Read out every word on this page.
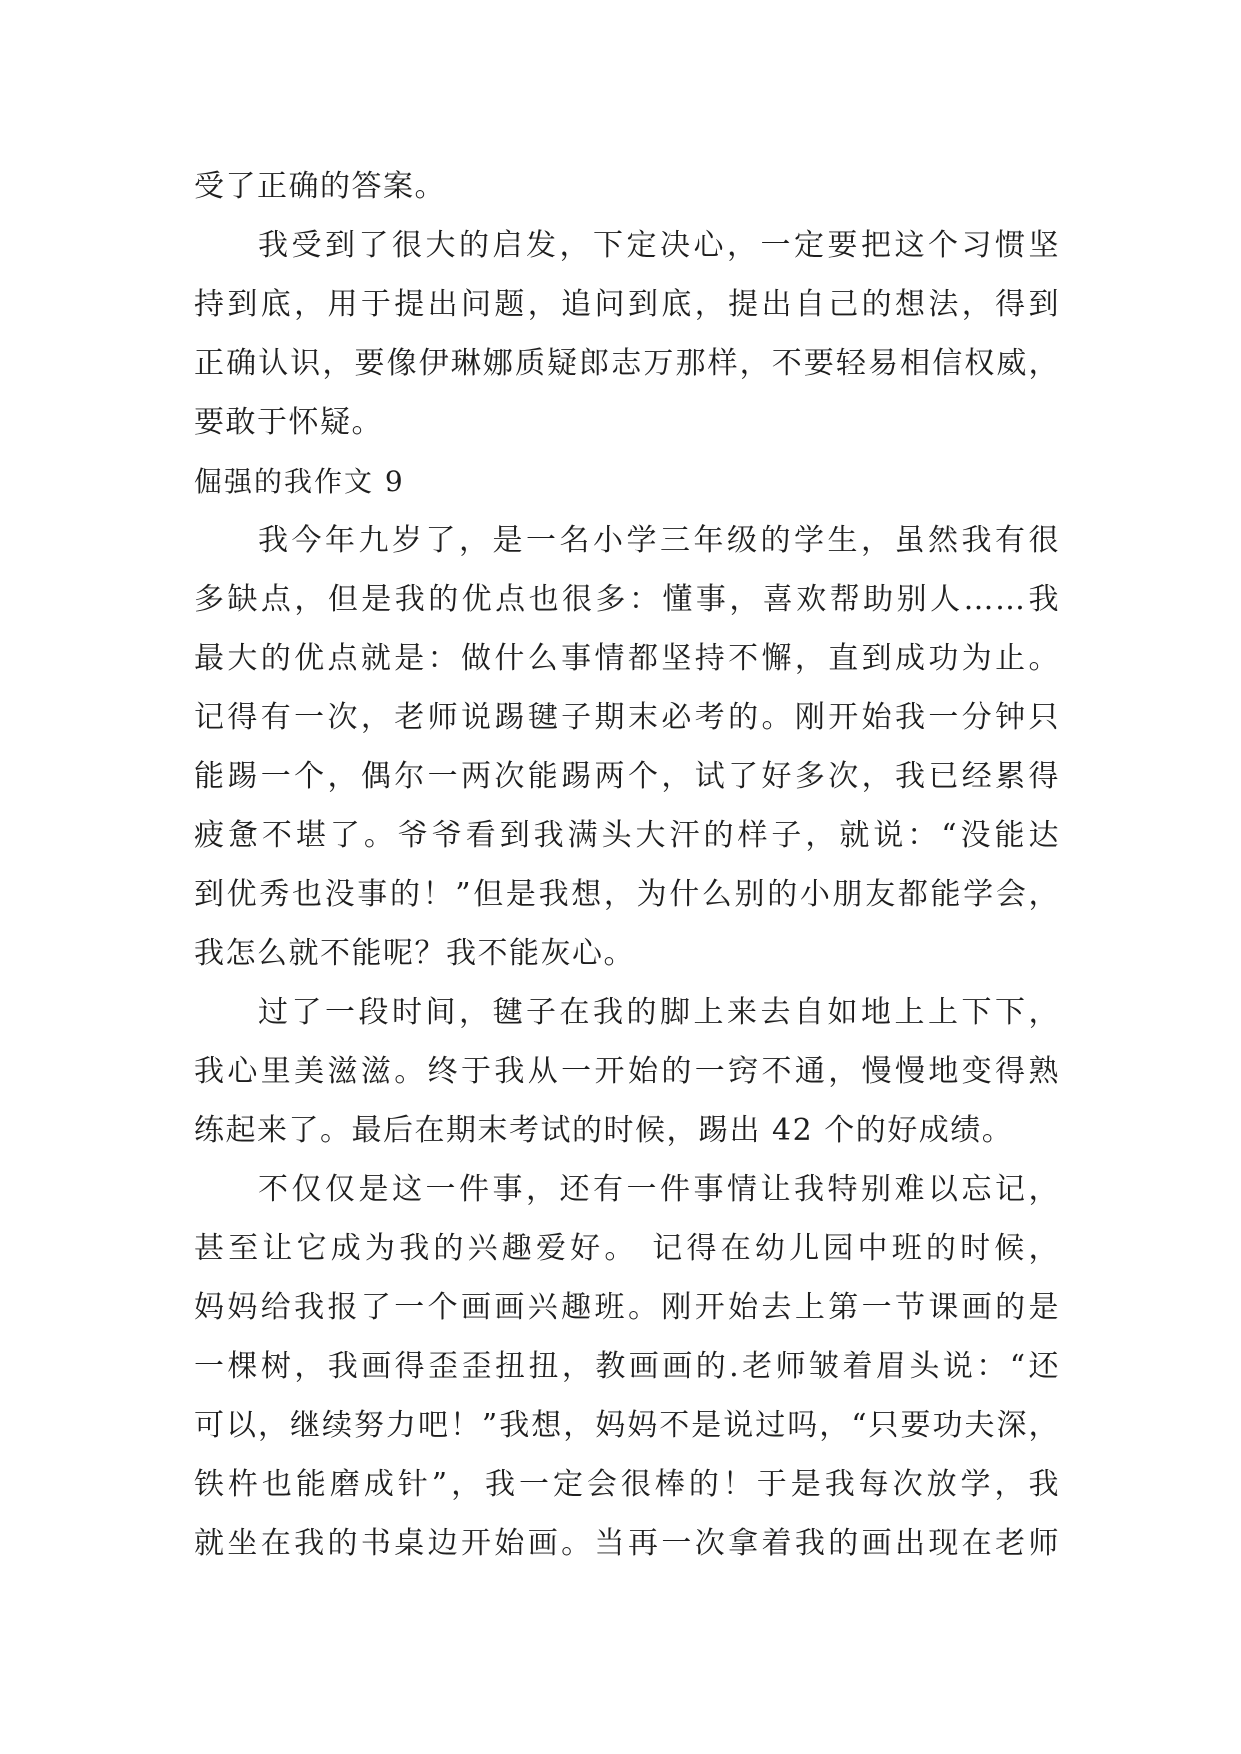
受了正确的答案。
我受到了很大的启发，下定决心，一定要把这个习惯坚
持到底，用于提出问题，追问到底，提出自己的想法，得到
正确认识，要像伊琳娜质疑郎志万那样，不要轻易相信权威，
要敢于怀疑。
倔强的我作文 9
我今年九岁了，是一名小学三年级的学生，虽然我有很
多缺点，但是我的优点也很多：懂事，喜欢帮助别人……我
最大的优点就是：做什么事情都坚持不懈，直到成功为止。
记得有一次，老师说踢毽子期末必考的。刚开始我一分钟只
能踢一个，偶尔一两次能踢两个，试了好多次，我已经累得
疲惫不堪了。爷爷看到我满头大汗的样子，就说：“没能达
到优秀也没事的！”但是我想，为什么别的小朋友都能学会，
我怎么就不能呢？我不能灰心。
过了一段时间，毽子在我的脚上来去自如地上上下下，
我心里美滋滋。终于我从一开始的一窍不通，慢慢地变得熟
练起来了。最后在期末考试的时候，踢出 42 个的好成绩。
不仅仅是这一件事，还有一件事情让我特别难以忘记，
甚至让它成为我的兴趣爱好。 记得在幼儿园中班的时候，
妈妈给我报了一个画画兴趣班。刚开始去上第一节课画的是
一棵树，我画得歪歪扭扭，教画画的.老师皱着眉头说：“还
可以，继续努力吧！”我想，妈妈不是说过吗，“只要功夫深，
铁杵也能磨成针”，我一定会很棒的！于是我每次放学，我
就坐在我的书桌边开始画。当再一次拿着我的画出现在老师
